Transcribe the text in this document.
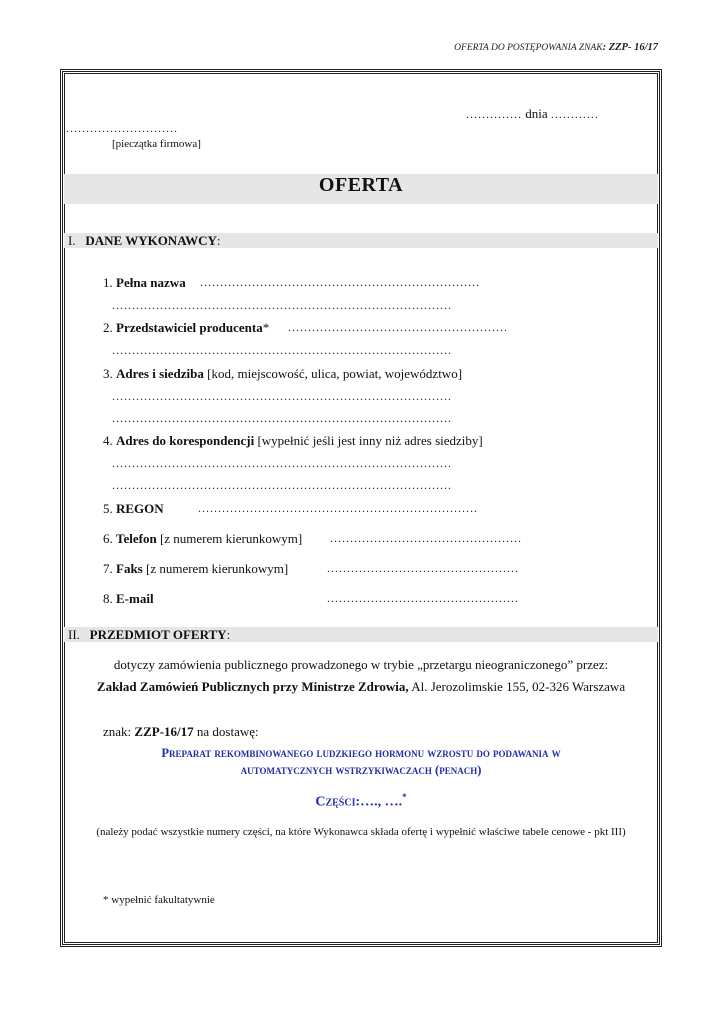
OFERTA DO POSTĘPOWANIA ZNAK: ZZP- 16/17
.............. dnia ............
............................
[pieczątka firmowa]
OFERTA
I. DANE WYKONAWCY:
1. Pełna nazwa ......................................................................
.....................................................................................
2. Przedstawiciel producenta* .......................................................
.....................................................................................
3. Adres i siedziba [kod, miejscowość, ulica, powiat, województwo]
.....................................................................................
.....................................................................................
4. Adres do korespondencji [wypełnić jeśli jest inny niż adres siedziby]
.....................................................................................
.....................................................................................
5. REGON	......................................................................
6. Telefon [z numerem kierunkowym] ................................................
7. Faks [z numerem kierunkowym]	................................................
8. E-mail	................................................
II. PRZEDMIOT OFERTY:
dotyczy zamówienia publicznego prowadzonego w trybie „przetargu nieograniczonego” przez:
Zakład Zamówień Publicznych przy Ministrze Zdrowia, Al. Jerozolimskie 155, 02-326 Warszawa
znak: ZZP-16/17 na dostawę:
Preparat rekombinowanego ludzkiego hormonu wzrostu do podawania w
automatycznych wstrzykiwaczach (penach)
Części:…., ….*
(należy podać wszystkie numery części, na które Wykonawca składa ofertę i wypełnić właściwe tabele cenowe - pkt III)
* wypełnić fakultatywnie
